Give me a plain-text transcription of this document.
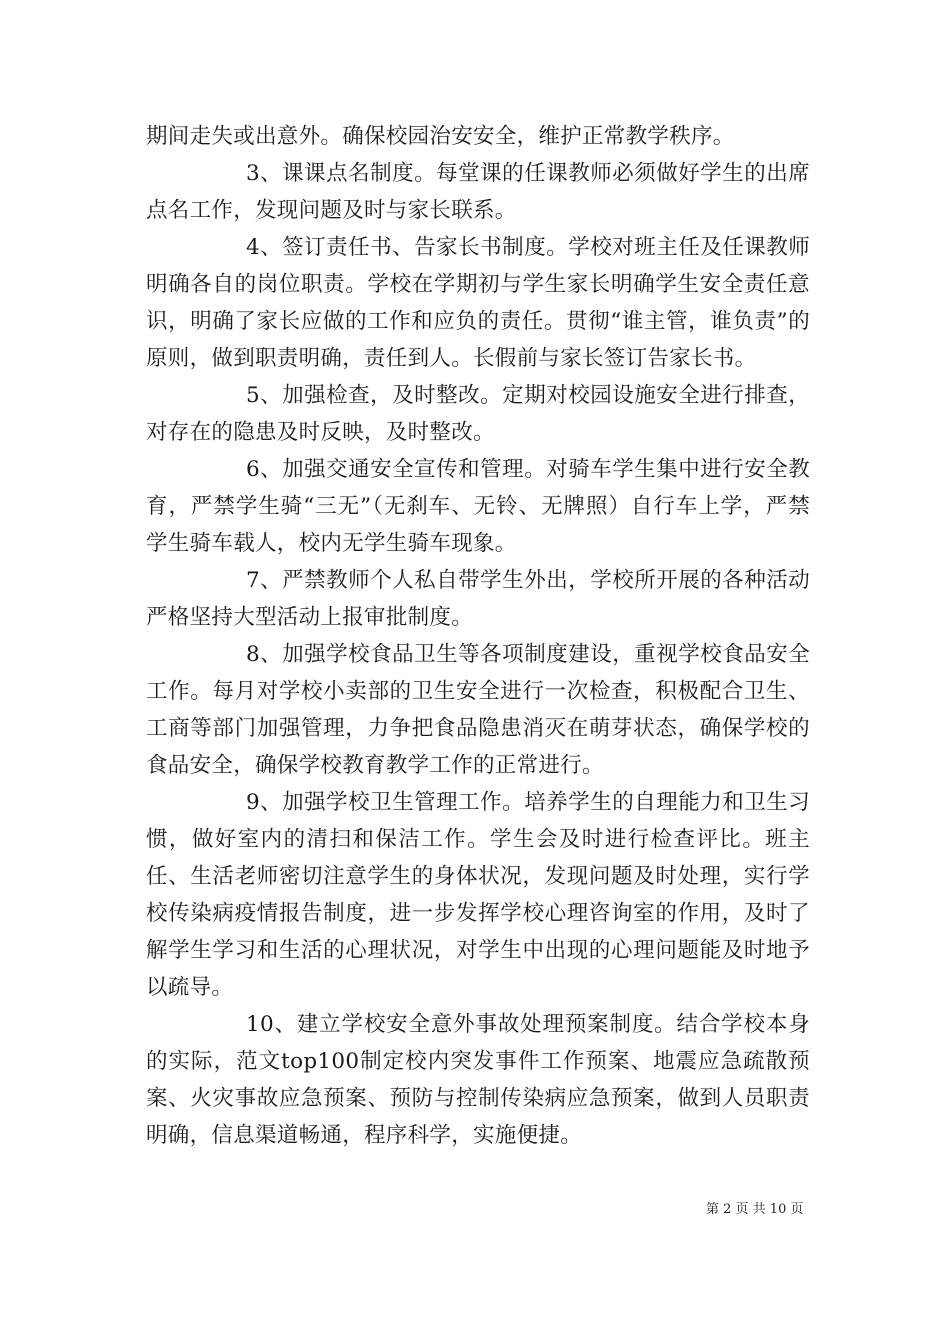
期间走失或出意外。确保校园治安安全，维护正常教学秩序。

3、课课点名制度。每堂课的任课教师必须做好学生的出席点名工作，发现问题及时与家长联系。

4、签订责任书、告家长书制度。学校对班主任及任课教师明确各自的岗位职责。学校在学期初与学生家长明确学生安全责任意识，明确了家长应做的工作和应负的责任。贯彻“谁主管，谁负责”的原则，做到职责明确，责任到人。长假前与家长签订告家长书。

5、加强检查，及时整改。定期对校园设施安全进行排查，对存在的隐患及时反映，及时整改。

6、加强交通安全宣传和管理。对骑车学生集中进行安全教育，严禁学生骑“三无”（无刹车、无铃、无牌照）自行车上学，严禁学生骑车载人，校内无学生骑车现象。

7、严禁教师个人私自带学生外出，学校所开展的各种活动严格坚持大型活动上报审批制度。

8、加强学校食品卫生等各项制度建设，重视学校食品安全工作。每月对学校小卖部的卫生安全进行一次检查，积极配合卫生、工商等部门加强管理，力争把食品隐患消灭在萌芽状态，确保学校的食品安全，确保学校教育教学工作的正常进行。

9、加强学校卫生管理工作。培养学生的自理能力和卫生习惯，做好室内的清扫和保洁工作。学生会及时进行检查评比。班主任、生活老师密切注意学生的身体状况，发现问题及时处理，实行学校传染病疫情报告制度，进一步发挥学校心理咨询室的作用，及时了解学生学习和生活的心理状况，对学生中出现的心理问题能及时地予以疏导。

10、建立学校安全意外事故处理预案制度。结合学校本身的实际，范文top100制定校内突发事件工作预案、地震应急疏散预案、火灾事故应急预案、预防与控制传染病应急预案，做到人员职责明确，信息渠道畅通，程序科学，实施便捷。

第 2 页 共 10 页
